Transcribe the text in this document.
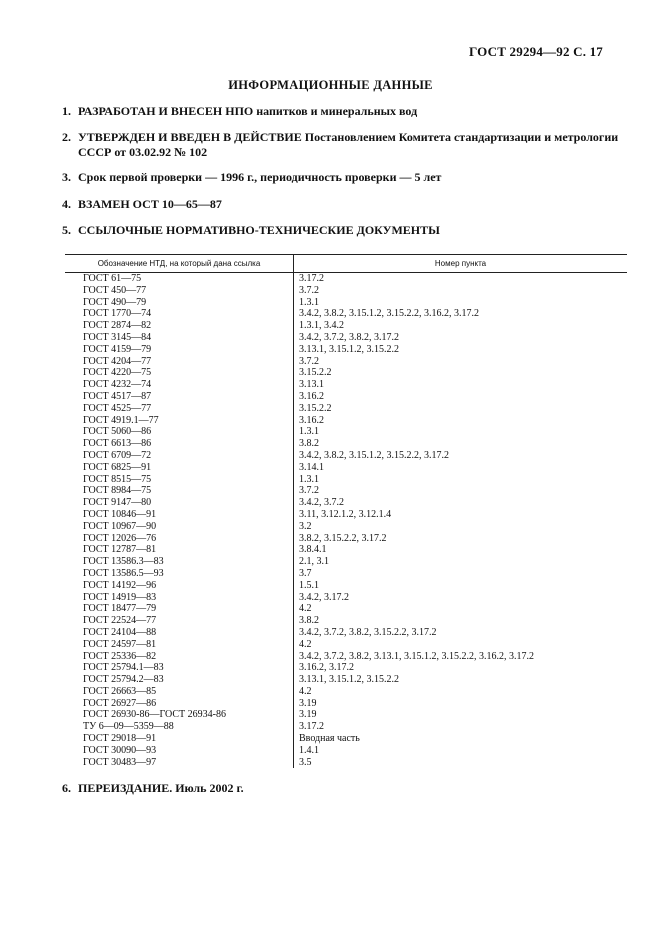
ГОСТ 29294—92 С. 17
ИНФОРМАЦИОННЫЕ ДАННЫЕ
1. РАЗРАБОТАН И ВНЕСЕН НПО напитков и минеральных вод
2. УТВЕРЖДЕН И ВВЕДЕН В ДЕЙСТВИЕ Постановлением Комитета стандартизации и метрологии
СССР от 03.02.92 № 102
3. Срок первой проверки — 1996 г., периодичность проверки — 5 лет
4. ВЗАМЕН ОСТ 10—65—87
5. ССЫЛОЧНЫЕ НОРМАТИВНО-ТЕХНИЧЕСКИЕ ДОКУМЕНТЫ
Обозначение НТД, на который дана ссылка	Номер пункта
ГОСТ 61—75	3.17.2
ГОСТ 450—77	3.7.2
ГОСТ 490—79	1.3.1
ГОСТ 1770—74	3.4.2, 3.8.2, 3.15.1.2, 3.15.2.2, 3.16.2, 3.17.2
ГОСТ 2874—82	1.3.1, 3.4.2
ГОСТ 3145—84	3.4.2, 3.7.2, 3.8.2, 3.17.2
ГОСТ 4159—79	3.13.1, 3.15.1.2, 3.15.2.2
ГОСТ 4204—77	3.7.2
ГОСТ 4220—75	3.15.2.2
ГОСТ 4232—74	3.13.1
ГОСТ 4517—87	3.16.2
ГОСТ 4525—77	3.15.2.2
ГОСТ 4919.1—77	3.16.2
ГОСТ 5060—86	1.3.1
ГОСТ 6613—86	3.8.2
ГОСТ 6709—72	3.4.2, 3.8.2, 3.15.1.2, 3.15.2.2, 3.17.2
ГОСТ 6825—91	3.14.1
ГОСТ 8515—75	1.3.1
ГОСТ 8984—75	3.7.2
ГОСТ 9147—80	3.4.2, 3.7.2
ГОСТ 10846—91	3.11, 3.12.1.2, 3.12.1.4
ГОСТ 10967—90	3.2
ГОСТ 12026—76	3.8.2, 3.15.2.2, 3.17.2
ГОСТ 12787—81	3.8.4.1
ГОСТ 13586.3—83	2.1, 3.1
ГОСТ 13586.5—93	3.7
ГОСТ 14192—96	1.5.1
ГОСТ 14919—83	3.4.2, 3.17.2
ГОСТ 18477—79	4.2
ГОСТ 22524—77	3.8.2
ГОСТ 24104—88	3.4.2, 3.7.2, 3.8.2, 3.15.2.2, 3.17.2
ГОСТ 24597—81	4.2
ГОСТ 25336—82	3.4.2, 3.7.2, 3.8.2, 3.13.1, 3.15.1.2, 3.15.2.2, 3.16.2, 3.17.2
ГОСТ 25794.1—83	3.16.2, 3.17.2
ГОСТ 25794.2—83	3.13.1, 3.15.1.2, 3.15.2.2
ГОСТ 26663—85	4.2
ГОСТ 26927—86	3.19
ГОСТ 26930-86—ГОСТ 26934-86	3.19
ТУ 6—09—5359—88	3.17.2
ГОСТ 29018—91	Вводная часть
ГОСТ 30090—93	1.4.1
ГОСТ 30483—97	3.5
6. ПЕРЕИЗДАНИЕ. Июль 2002 г.
